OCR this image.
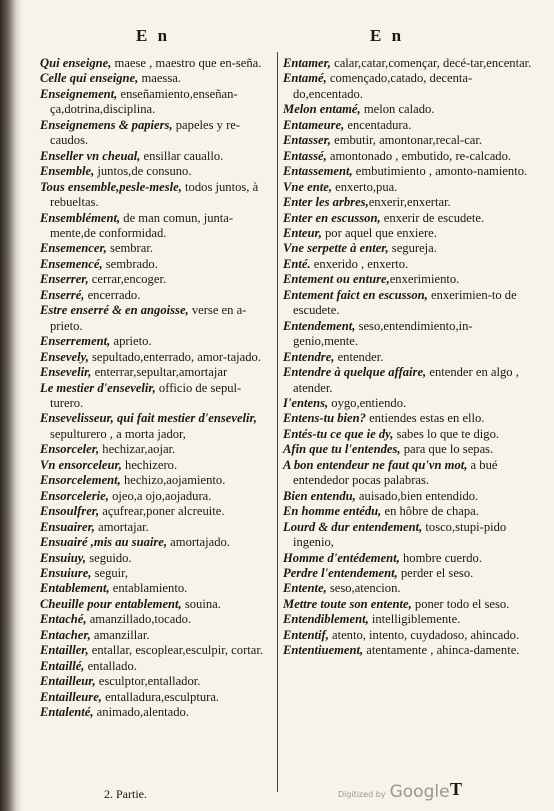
E n	E n
Qui enseigne, maese , maestro que en-seña.
Celle qui enseigne, maessa.
Enseignement, enseñamiento,enseñan-ça,dotrina,disciplina.
Enseignemens & papiers, papeles y re-caudos.
Enseller vn cheual, ensillar cauallo.
Ensemble, juntos,de consuno.
Tous ensemble,pesle-mesle, todos juntos, à rebueltas.
Ensemblément, de man comun, junta-mente,de conformidad.
Ensemencer, sembrar.
Ensemencé, sembrado.
Enserrer, cerrar,encoger.
Enserré, encerrado.
Estre enserré & en angoisse, verse en a-prieto.
Enserrement, aprieto.
Ensevely, sepultado,enterrado, amor-tajado.
Ensevelir, enterrar,sepultar,amortajar
Le mestier d'ensevelir, officio de sepul-turero.
Ensevelisseur, qui fait mestier d'ensevelir, sepulturero , a morta jador,
Ensorceler, hechizar,aojar.
Vn ensorceleur, hechizero.
Ensorcelement, hechizo,aojamiento.
Ensorcelerie, ojeo,a ojo,aojadura.
Ensoulfrer, açufrear,poner alcreuite.
Ensuairer, amortajar.
Ensuairé ,mis au suaire, amortajado.
Ensuiuy, seguido.
Ensuiure, seguir,
Entablement, entablamiento.
Cheuille pour entablement, souina.
Entaché, amanzillado,tocado.
Entacher, amanzillar.
Entailler, entallar, escoplear,esculpir, cortar.
Entaillé, entallado.
Entailleur, esculptor,entallador.
Entailleure, entalladura,esculptura.
Entalenté, animado,alentado.
Entamer, calar,catar,començar, decé-tar,encentar.
Entamé, començado,catado, decenta-do,encentado.
Melon entamé, melon calado.
Entameure, encentadura.
Entasser, embutir, amontonar,recal-car.
Entassé, amontonado , embutido, re-calcado.
Entassement, embutimiento , amonto-namiento.
Vne ente, enxerto,pua.
Enter les arbres,enxerir,enxertar.
Enter en escusson, enxerir de escudete.
Enteur, por aquel que enxiere.
Vne serpette à enter, segureja.
Enté. enxerido , enxerto.
Entement ou enture,enxerimiento.
Entement faict en escusson, enxerimien-to de escudete.
Entendement, seso,entendimiento,in-genio,mente.
Entendre, entender.
Entendre à quelque affaire, entender en algo , atender.
I'entens, oygo,entiendo.
Entens-tu bien? entiendes estas en ello.
Entés-tu ce que ie dy, sabes lo que te digo.
Afin que tu l'entendes, para que lo sepas.
A bon entendeur ne faut qu'vn mot, a bué entendedor pocas palabras.
Bien entendu, auisado,bien entendido.
En homme entédu, en hôbre de chapa.
Lourd & dur entendement, tosco,stupi-pido ingenio,
Homme d'entédement, hombre cuerdo.
Perdre l'entendement, perder el seso.
Entente, seso,atencion.
Mettre toute son entente, poner todo el seso.
Entendiblement, intelligiblemente.
Ententif, atento, intento, cuydadoso, ahincado.
Ententiuement, atentamente , ahinca-damente.
2. Partie.	Digitized by Google T
